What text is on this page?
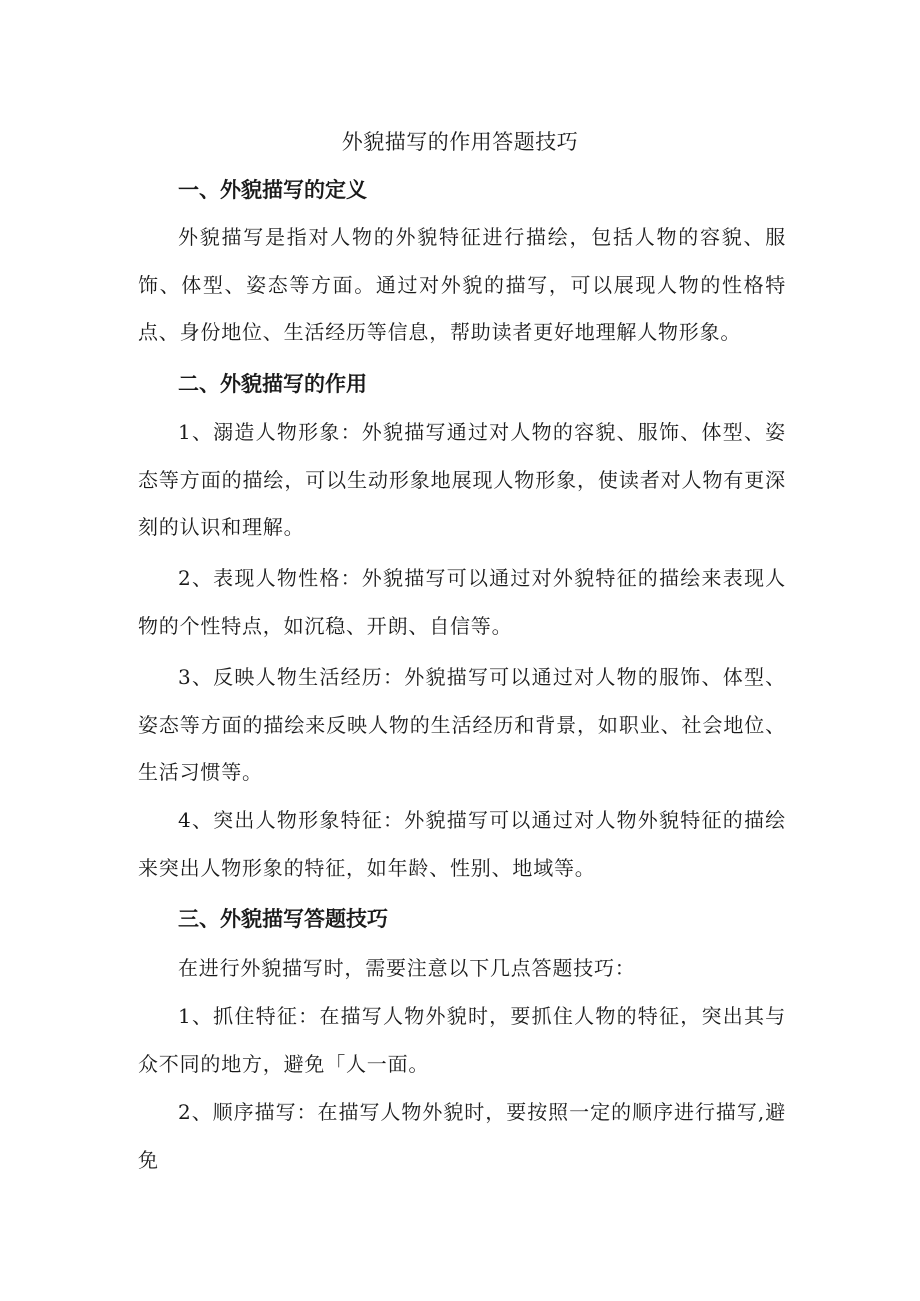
外貌描写的作用答题技巧
一、外貌描写的定义

外貌描写是指对人物的外貌特征进行描绘，包括人物的容貌、服饰、体型、姿态等方面。通过对外貌的描写，可以展现人物的性格特点、身份地位、生活经历等信息，帮助读者更好地理解人物形象。

二、外貌描写的作用

1、溺造人物形象：外貌描写通过对人物的容貌、服饰、体型、姿态等方面的描绘，可以生动形象地展现人物形象，使读者对人物有更深刻的认识和理解。

2、表现人物性格：外貌描写可以通过对外貌特征的描绘来表现人物的个性特点，如沉稳、开朗、自信等。

3、反映人物生活经历：外貌描写可以通过对人物的服饰、体型、姿态等方面的描绘来反映人物的生活经历和背景，如职业、社会地位、生活习惯等。

4、突出人物形象特征：外貌描写可以通过对人物外貌特征的描绘来突出人物形象的特征，如年龄、性别、地域等。

三、外貌描写答题技巧

在进行外貌描写时，需要注意以下几点答题技巧：

1、抓住特征：在描写人物外貌时，要抓住人物的特征，突出其与众不同的地方，避免「人一面。

2、顺序描写：在描写人物外貌时，要按照一定的顺序进行描写,避免
